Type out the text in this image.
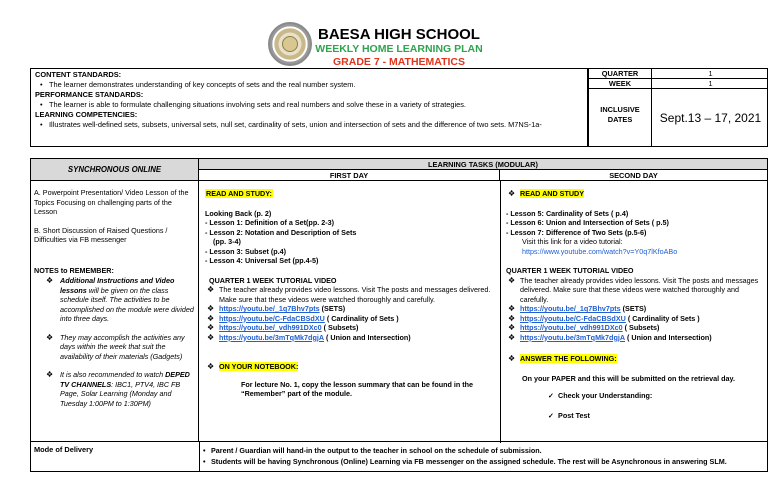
BAESA HIGH SCHOOL
WEEKLY HOME LEARNING PLAN
GRADE 7 - MATHEMATICS
CONTENT STANDARDS:
• The learner demonstrates understanding of key concepts of sets and the real number system.
PERFORMANCE STANDARDS:
• The learner is able to formulate challenging situations involving sets and real numbers and solve these in a variety of strategies.
LEARNING COMPETENCIES:
• Illustrates well-defined sets, subsets, universal sets, null set, cardinality of sets, union and intersection of sets and the difference of two sets. M7NS-1a-
QUARTER	1
WEEK	1
INCLUSIVE
DATES	Sept.13 – 17, 2021
SYNCHRONOUS ONLINE
A. Powerpoint Presentation/ Video Lesson of the Topics Focusing on challenging parts of the Lesson
B. Short Discussion of Raised Questions / Difficulties via FB messenger
NOTES to REMEMBER:
❖ Additional Instructions and Video lessons will be given on the class schedule itself. The activities to be accomplished on the module were divided into three days.
❖ They may accomplish the activities any days within the week that suit the availability of their materials (Gadgets)
❖ It is also recommended to watch DEPED TV CHANNELS: IBC1, PTV4, IBC FB Page, Solar Learning (Monday and Tuesday 1:00PM to 1:30PM)
LEARNING TASKS (MODULAR)
FIRST DAY	SECOND DAY
READ AND STUDY:
Looking Back (p. 2)
- Lesson 1: Definition of a Set(pp. 2-3)
- Lesson 2: Notation and Description of Sets
(pp. 3-4)
- Lesson 3: Subset (p.4)
- Lesson 4: Universal Set (pp.4-5)
QUARTER 1 WEEK TUTORIAL VIDEO
❖ The teacher already provides video lessons. Visit The posts and messages delivered. Make sure that these videos were watched thoroughly and carefully.
❖ https://youtu.be/_1q7Bhv7pts (SETS)
❖ https://youtu.be/C-FdaCBSdXU ( Cardinality of Sets )
❖ https://youtu.be/_vdh991DXc0 ( Subsets)
❖ https://youtu.be/3mTqMk7dgjA ( Union and Intersection)
❖ ON YOUR NOTEBOOK:
For lecture No. 1, copy the lesson summary that can be found in the “Remember” part of the module.
❖ READ AND STUDY
- Lesson 5: Cardinality of Sets ( p.4)
- Lesson 6: Union and Intersection of Sets ( p.5)
- Lesson 7: Difference of Two Sets (p.5-6)
Visit this link for a video tutorial:
https://www.youtube.com/watch?v=Y0q7lKfoABo
QUARTER 1 WEEK TUTORIAL VIDEO
❖ The teacher already provides video lessons. Visit The posts and messages delivered. Make sure that these videos were watched thoroughly and carefully.
❖ https://youtu.be/_1q7Bhv7pts (SETS)
❖ https://youtu.be/C-FdaCBSdXU ( Cardinality of Sets )
❖ https://youtu.be/_vdh991DXc0 ( Subsets)
❖ https://youtu.be/3mTqMk7dgjA ( Union and Intersection)
❖ ANSWER THE FOLLOWING:
On your PAPER and this will be submitted on the retrieval day.
✓ Check your Understanding:
✓ Post Test
Mode of Delivery
•	Parent / Guardian will hand-in the output to the teacher in school on the schedule of submission.
• Students will be having Synchronous (Online) Learning via FB messenger on the assigned schedule. The rest will be Asynchronous in answering SLM.
